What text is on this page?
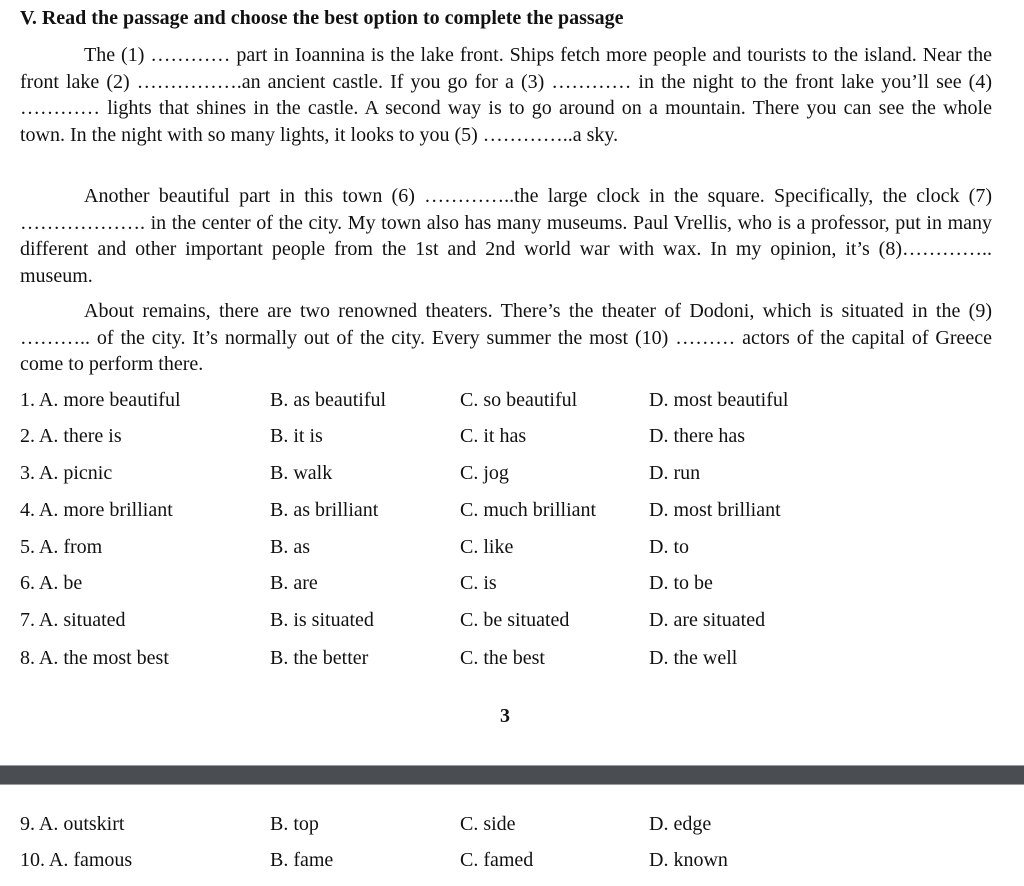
V. Read the passage and choose the best option to complete the passage

The (1) ………… part in Ioannina is the lake front. Ships fetch more people and tourists to the island. Near the front lake (2) …………….an ancient castle. If you go for a (3) ………… in the night to the front lake you’ll see (4) ………… lights that shines in the castle. A second way is to go around on a mountain. There you can see the whole town. In the night with so many lights, it looks to you (5) …………..a sky.

Another beautiful part in this town (6) …………..the large clock in the square. Specifically, the clock (7) ………………. in the center of the city. My town also has many museums. Paul Vrellis, who is a professor, put in many different and other important people from the 1st and 2nd world war with wax. In my opinion, it’s (8)………….. museum.

About remains, there are two renowned theaters. There’s the theater of Dodoni, which is situated in the (9) ……….. of the city. It’s normally out of the city. Every summer the most (10) ……… actors of the capital of Greece come to perform there.

1. A. more beautiful	B. as beautiful	C. so beautiful	D. most beautiful
2. A. there is	B. it is	C. it has	D. there has
3. A. picnic	B. walk	C. jog	D. run
4. A. more brilliant	B. as brilliant	C. much brilliant	D. most brilliant
5. A. from	B. as	C. like	D. to
6. A. be	B. are	C. is	D. to be
7. A. situated	B. is situated	C. be situated	D. are situated
8. A. the most best	B. the better	C. the best	D. the well
3
9. A. outskirt	B. top	C. side	D. edge
10. A. famous	B. fame	C. famed	D. known
